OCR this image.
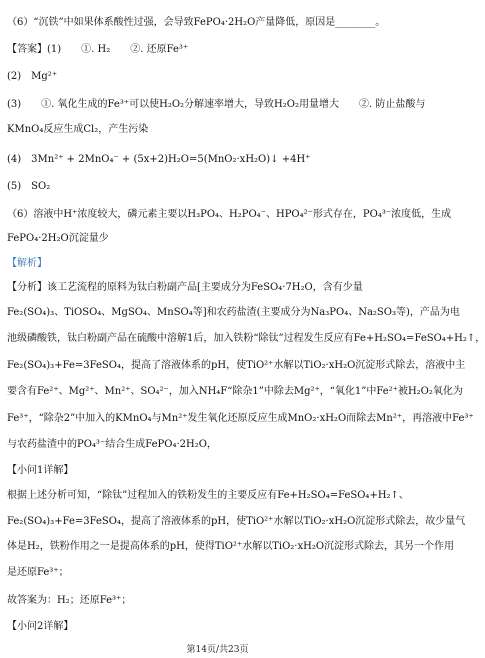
（6）“沉铁”中如果体系酸性过强，会导致FePO₄·2H₂O产量降低，原因是________。
【答案】(1)　　①. H₂　　②. 还原Fe³⁺
(2)　Mg²⁺
(3)　　①. 氧化生成的Fe³⁺可以使H₂O₂分解速率增大，导致H₂O₂用量增大　　②. 防止盐酸与
KMnO₄反应生成Cl₂，产生污染
(4)　3Mn²⁺ + 2MnO₄⁻ + (5x+2)H₂O=5(MnO₂·xH₂O)↓ +4H⁺
(5)　SO₂
（6）溶液中H⁺浓度较大，磷元素主要以H₃PO₄、H₂PO₄⁻、HPO₄²⁻形式存在，PO₄³⁻浓度低，生成
FePO₄·2H₂O沉淀量少
【解析】
【分析】该工艺流程的原料为钛白粉副产品[主要成分为FeSO₄·7H₂O，含有少量
Fe₂(SO₄)₃、TiOSO₄、MgSO₄、MnSO₄等]和农药盐渣(主要成分为Na₃PO₄、Na₂SO₃等)，产品为电
池级磷酸铁，钛白粉副产品在硫酸中溶解1后，加入铁粉“除钛”过程发生反应有Fe+H₂SO₄=FeSO₄+H₂↑，
Fe₂(SO₄)₃+Fe=3FeSO₄，提高了溶液体系的pH，使TiO²⁺水解以TiO₂·xH₂O沉淀形式除去，溶液中主
要含有Fe²⁺、Mg²⁺、Mn²⁺、SO₄²⁻，加入NH₄F“除杂1”中除去Mg²⁺，“氧化1”中Fe²⁺被H₂O₂氧化为
Fe³⁺，“除杂2”中加入的KMnO₄与Mn²⁺发生氧化还原反应生成MnO₂·xH₂O而除去Mn²⁺，再溶液中Fe³⁺
与农药盐渣中的PO₄³⁻结合生成FePO₄·2H₂O，
【小问1详解】
根据上述分析可知，“除钛”过程加入的铁粉发生的主要反应有Fe+H₂SO₄=FeSO₄+H₂↑、
Fe₂(SO₄)₃+Fe=3FeSO₄，提高了溶液体系的pH，使TiO²⁺水解以TiO₂·xH₂O沉淀形式除去，故少量气
体是H₂，铁粉作用之一是提高体系的pH，使得TiO²⁺水解以TiO₂·xH₂O沉淀形式除去，其另一个作用
是还原Fe³⁺；
故答案为：H₂；还原Fe³⁺；
【小问2详解】
第14页/共23页
